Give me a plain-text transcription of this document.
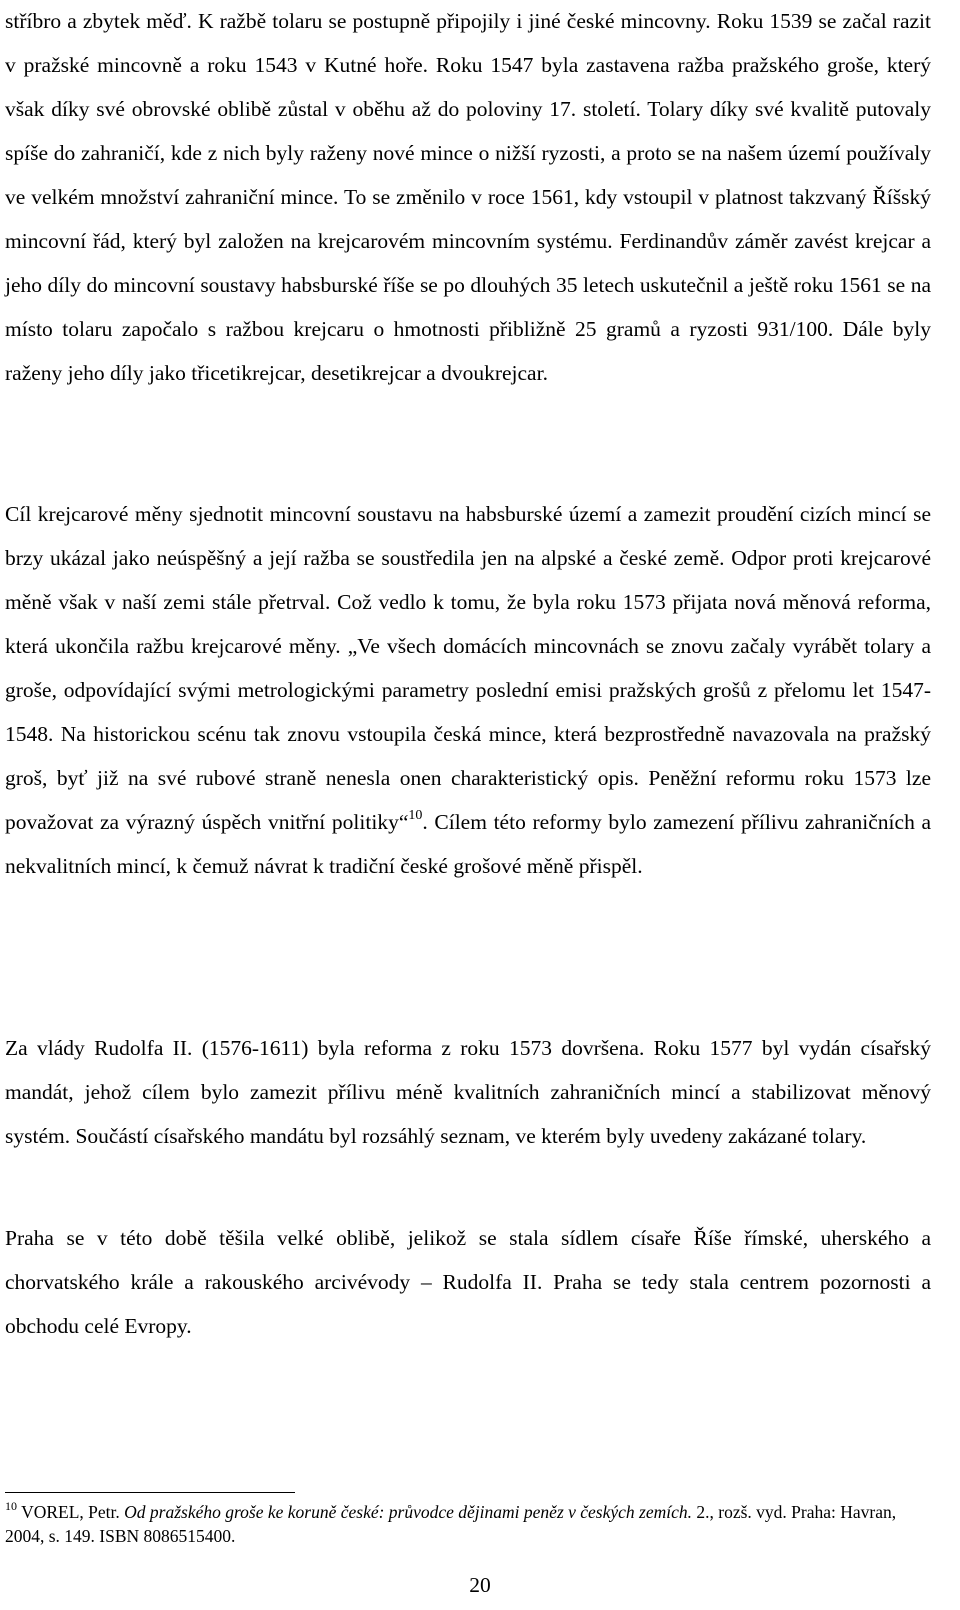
stříbro a zbytek měď. K ražbě tolaru se postupně připojily i jiné české mincovny. Roku 1539 se začal razit v pražské mincovně a roku 1543 v Kutné hoře. Roku 1547 byla zastavena ražba pražského groše, který však díky své obrovské oblibě zůstal v oběhu až do poloviny 17. století. Tolary díky své kvalitě putovaly spíše do zahraničí, kde z nich byly raženy nové mince o nižší ryzosti, a proto se na našem území používaly ve velkém množství zahraniční mince. To se změnilo v roce 1561, kdy vstoupil v platnost takzvaný Říšský mincovní řád, který byl založen na krejcarovém mincovním systému. Ferdinandův záměr zavést krejcar a jeho díly do mincovní soustavy habsburské říše se po dlouhých 35 letech uskutečnil a ještě roku 1561 se na místo tolaru započalo s ražbou krejcaru o hmotnosti přibližně 25 gramů a ryzosti 931/100. Dále byly raženy jeho díly jako třicetikrejcar, desetikrejcar a dvoukrejcar.

Cíl krejcarové měny sjednotit mincovní soustavu na habsburské území a zamezit proudění cizích mincí se brzy ukázal jako neúspěšný a její ražba se soustředila jen na alpské a české země. Odpor proti krejcarové měně však v naší zemi stále přetrval. Což vedlo k tomu, že byla roku 1573 přijata nová měnová reforma, která ukončila ražbu krejcarové měny. „Ve všech domácích mincovnách se znovu začaly vyrábět tolary a groše, odpovídající svými metrologickými parametry poslední emisi pražských grošů z přelomu let 1547-1548. Na historickou scénu tak znovu vstoupila česká mince, která bezprostředně navazovala na pražský groš, byť již na své rubové straně nenesla onen charakteristický opis. Peněžní reformu roku 1573 lze považovat za výrazný úspěch vnitřní politiky“$^{10}$. Cílem této reformy bylo zamezení přílivu zahraničních a nekvalitních mincí, k čemuž návrat k tradiční české grošové měně přispěl.

Za vlády Rudolfa II. (1576-1611) byla reforma z roku 1573 dovršena. Roku 1577 byl vydán císařský mandát, jehož cílem bylo zamezit přílivu méně kvalitních zahraničních mincí a stabilizovat měnový systém. Součástí císařského mandátu byl rozsáhlý seznam, ve kterém byly uvedeny zakázané tolary.

Praha se v této době těšila velké oblibě, jelikož se stala sídlem císaře Říše římské, uherského a chorvatského krále a rakouského arcivévody – Rudolfa II. Praha se tedy stala centrem pozornosti a obchodu celé Evropy.

$^{10}$ VOREL, Petr. Od pražského groše ke koruně české: průvodce dějinami peněz v českých zemích. 2., rozš. vyd. Praha: Havran, 2004, s. 149. ISBN 8086515400.

20
